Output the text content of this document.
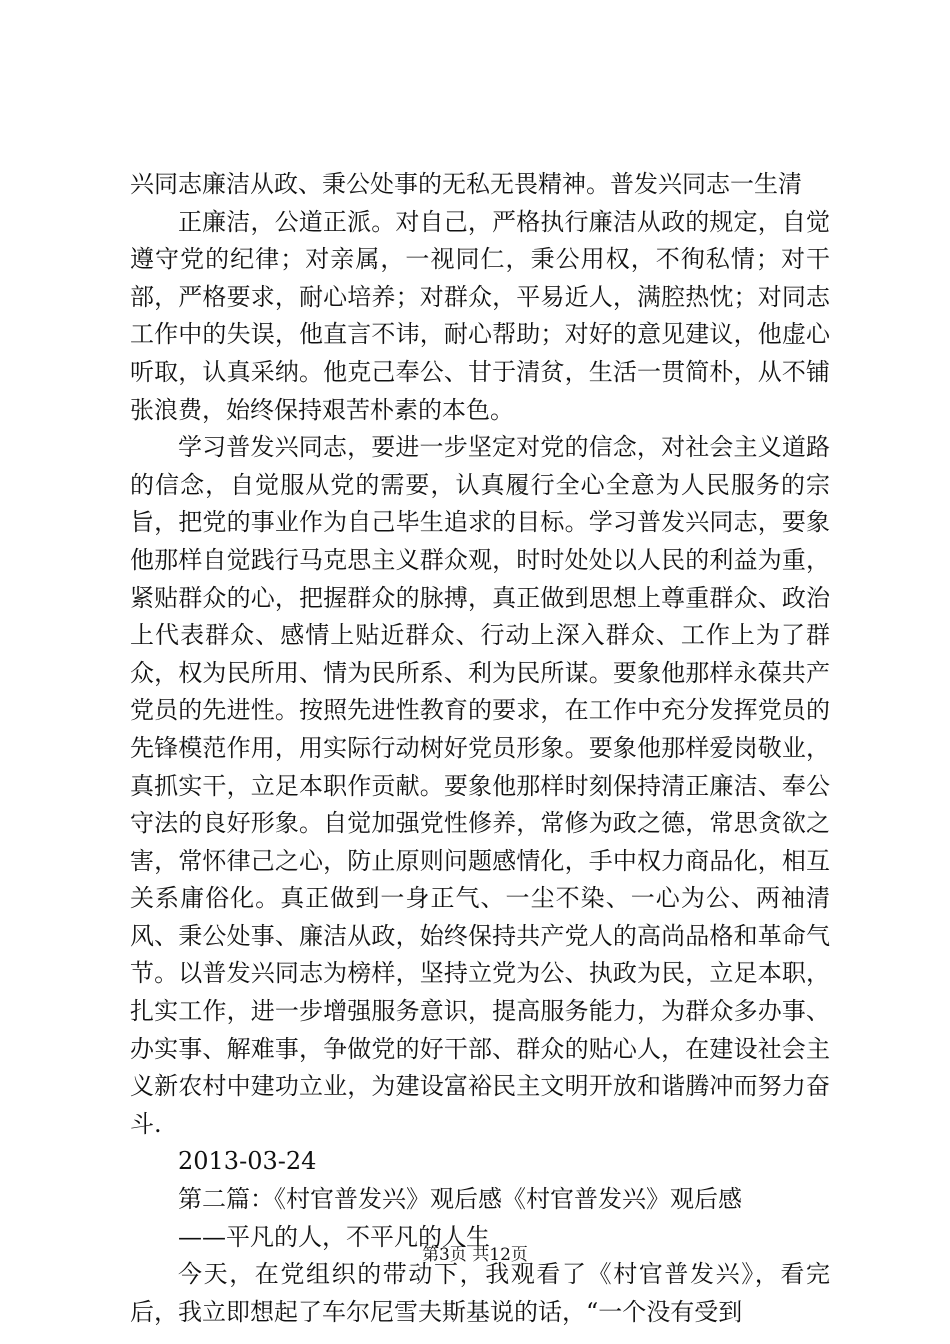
兴同志廉洁从政、秉公处事的无私无畏精神。普发兴同志一生清

正廉洁，公道正派。对自己，严格执行廉洁从政的规定，自觉遵守党的纪律；对亲属，一视同仁，秉公用权，不徇私情；对干部，严格要求，耐心培养；对群众，平易近人，满腔热忱；对同志工作中的失误，他直言不讳，耐心帮助；对好的意见建议，他虚心听取，认真采纳。他克己奉公、甘于清贫，生活一贯简朴，从不铺张浪费，始终保持艰苦朴素的本色。

学习普发兴同志，要进一步坚定对党的信念，对社会主义道路的信念，自觉服从党的需要，认真履行全心全意为人民服务的宗旨，把党的事业作为自己毕生追求的目标。学习普发兴同志，要象他那样自觉践行马克思主义群众观，时时处处以人民的利益为重，紧贴群众的心，把握群众的脉搏，真正做到思想上尊重群众、政治上代表群众、感情上贴近群众、行动上深入群众、工作上为了群众，权为民所用、情为民所系、利为民所谋。要象他那样永葆共产党员的先进性。按照先进性教育的要求，在工作中充分发挥党员的先锋模范作用，用实际行动树好党员形象。要象他那样爱岗敬业，真抓实干，立足本职作贡献。要象他那样时刻保持清正廉洁、奉公守法的良好形象。自觉加强党性修养，常修为政之德，常思贪欲之害，常怀律己之心，防止原则问题感情化，手中权力商品化，相互关系庸俗化。真正做到一身正气、一尘不染、一心为公、两袖清风、秉公处事、廉洁从政，始终保持共产党人的高尚品格和革命气节。以普发兴同志为榜样，坚持立党为公、执政为民，立足本职，扎实工作，进一步增强服务意识，提高服务能力，为群众多办事、办实事、解难事，争做党的好干部、群众的贴心人，在建设社会主义新农村中建功立业，为建设富裕民主文明开放和谐腾冲而努力奋斗.

2013-03-24

第二篇：《村官普发兴》观后感《村官普发兴》观后感

——平凡的人，不平凡的人生

今天，在党组织的带动下，我观看了《村官普发兴》，看完后，我立即想起了车尔尼雪夫斯基说的话，“一个没有受到

第3页 共12页
